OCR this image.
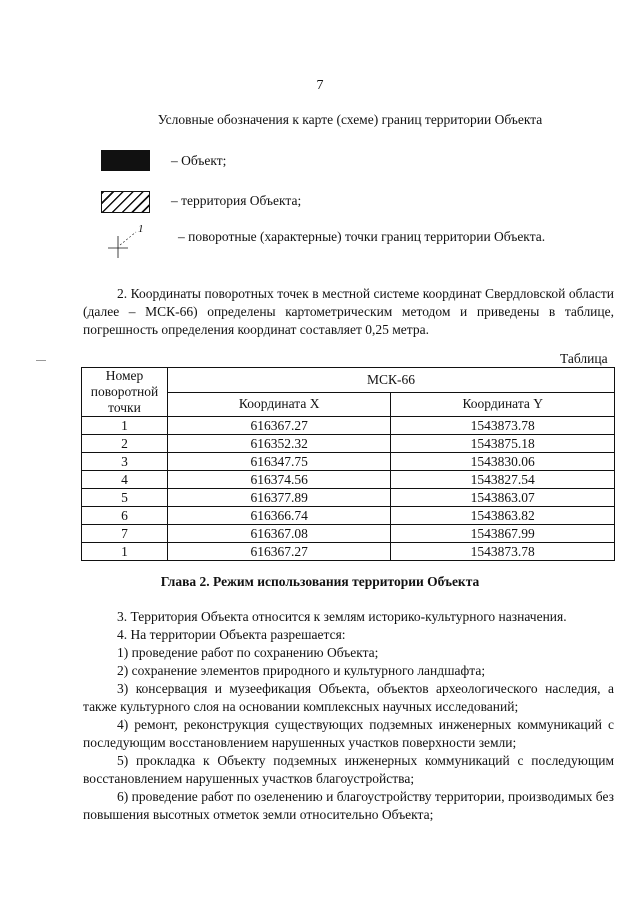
7
Условные обозначения к карте (схеме) границ территории Объекта
– Объект;
– территория Объекта;
1	– поворотные (характерные) точки границ территории Объекта.
2. Координаты поворотных точек в местной системе координат Свердловской области (далее – МСК-66) определены картометрическим методом и приведены в таблице, погрешность определения координат составляет 0,25 метра.
Таблица
Номер поворотной точки	МСК-66	
	Координата X	Координата Y
1	616367.27	1543873.78
2	616352.32	1543875.18
3	616347.75	1543830.06
4	616374.56	1543827.54
5	616377.89	1543863.07
6	616366.74	1543863.82
7	616367.08	1543867.99
1	616367.27	1543873.78
Глава 2. Режим использования территории Объекта
3. Территория Объекта относится к землям историко-культурного назначения.
4. На территории Объекта разрешается:
1) проведение работ по сохранению Объекта;
2) сохранение элементов природного и культурного ландшафта;
3) консервация и музеефикация Объекта, объектов археологического наследия, а также культурного слоя на основании комплексных научных исследований;
4) ремонт, реконструкция существующих подземных инженерных коммуникаций с последующим восстановлением нарушенных участков поверхности земли;
5) прокладка к Объекту подземных инженерных коммуникаций с последующим восстановлением нарушенных участков благоустройства;
6) проведение работ по озеленению и благоустройству территории, производимых без повышения высотных отметок земли относительно Объекта;
